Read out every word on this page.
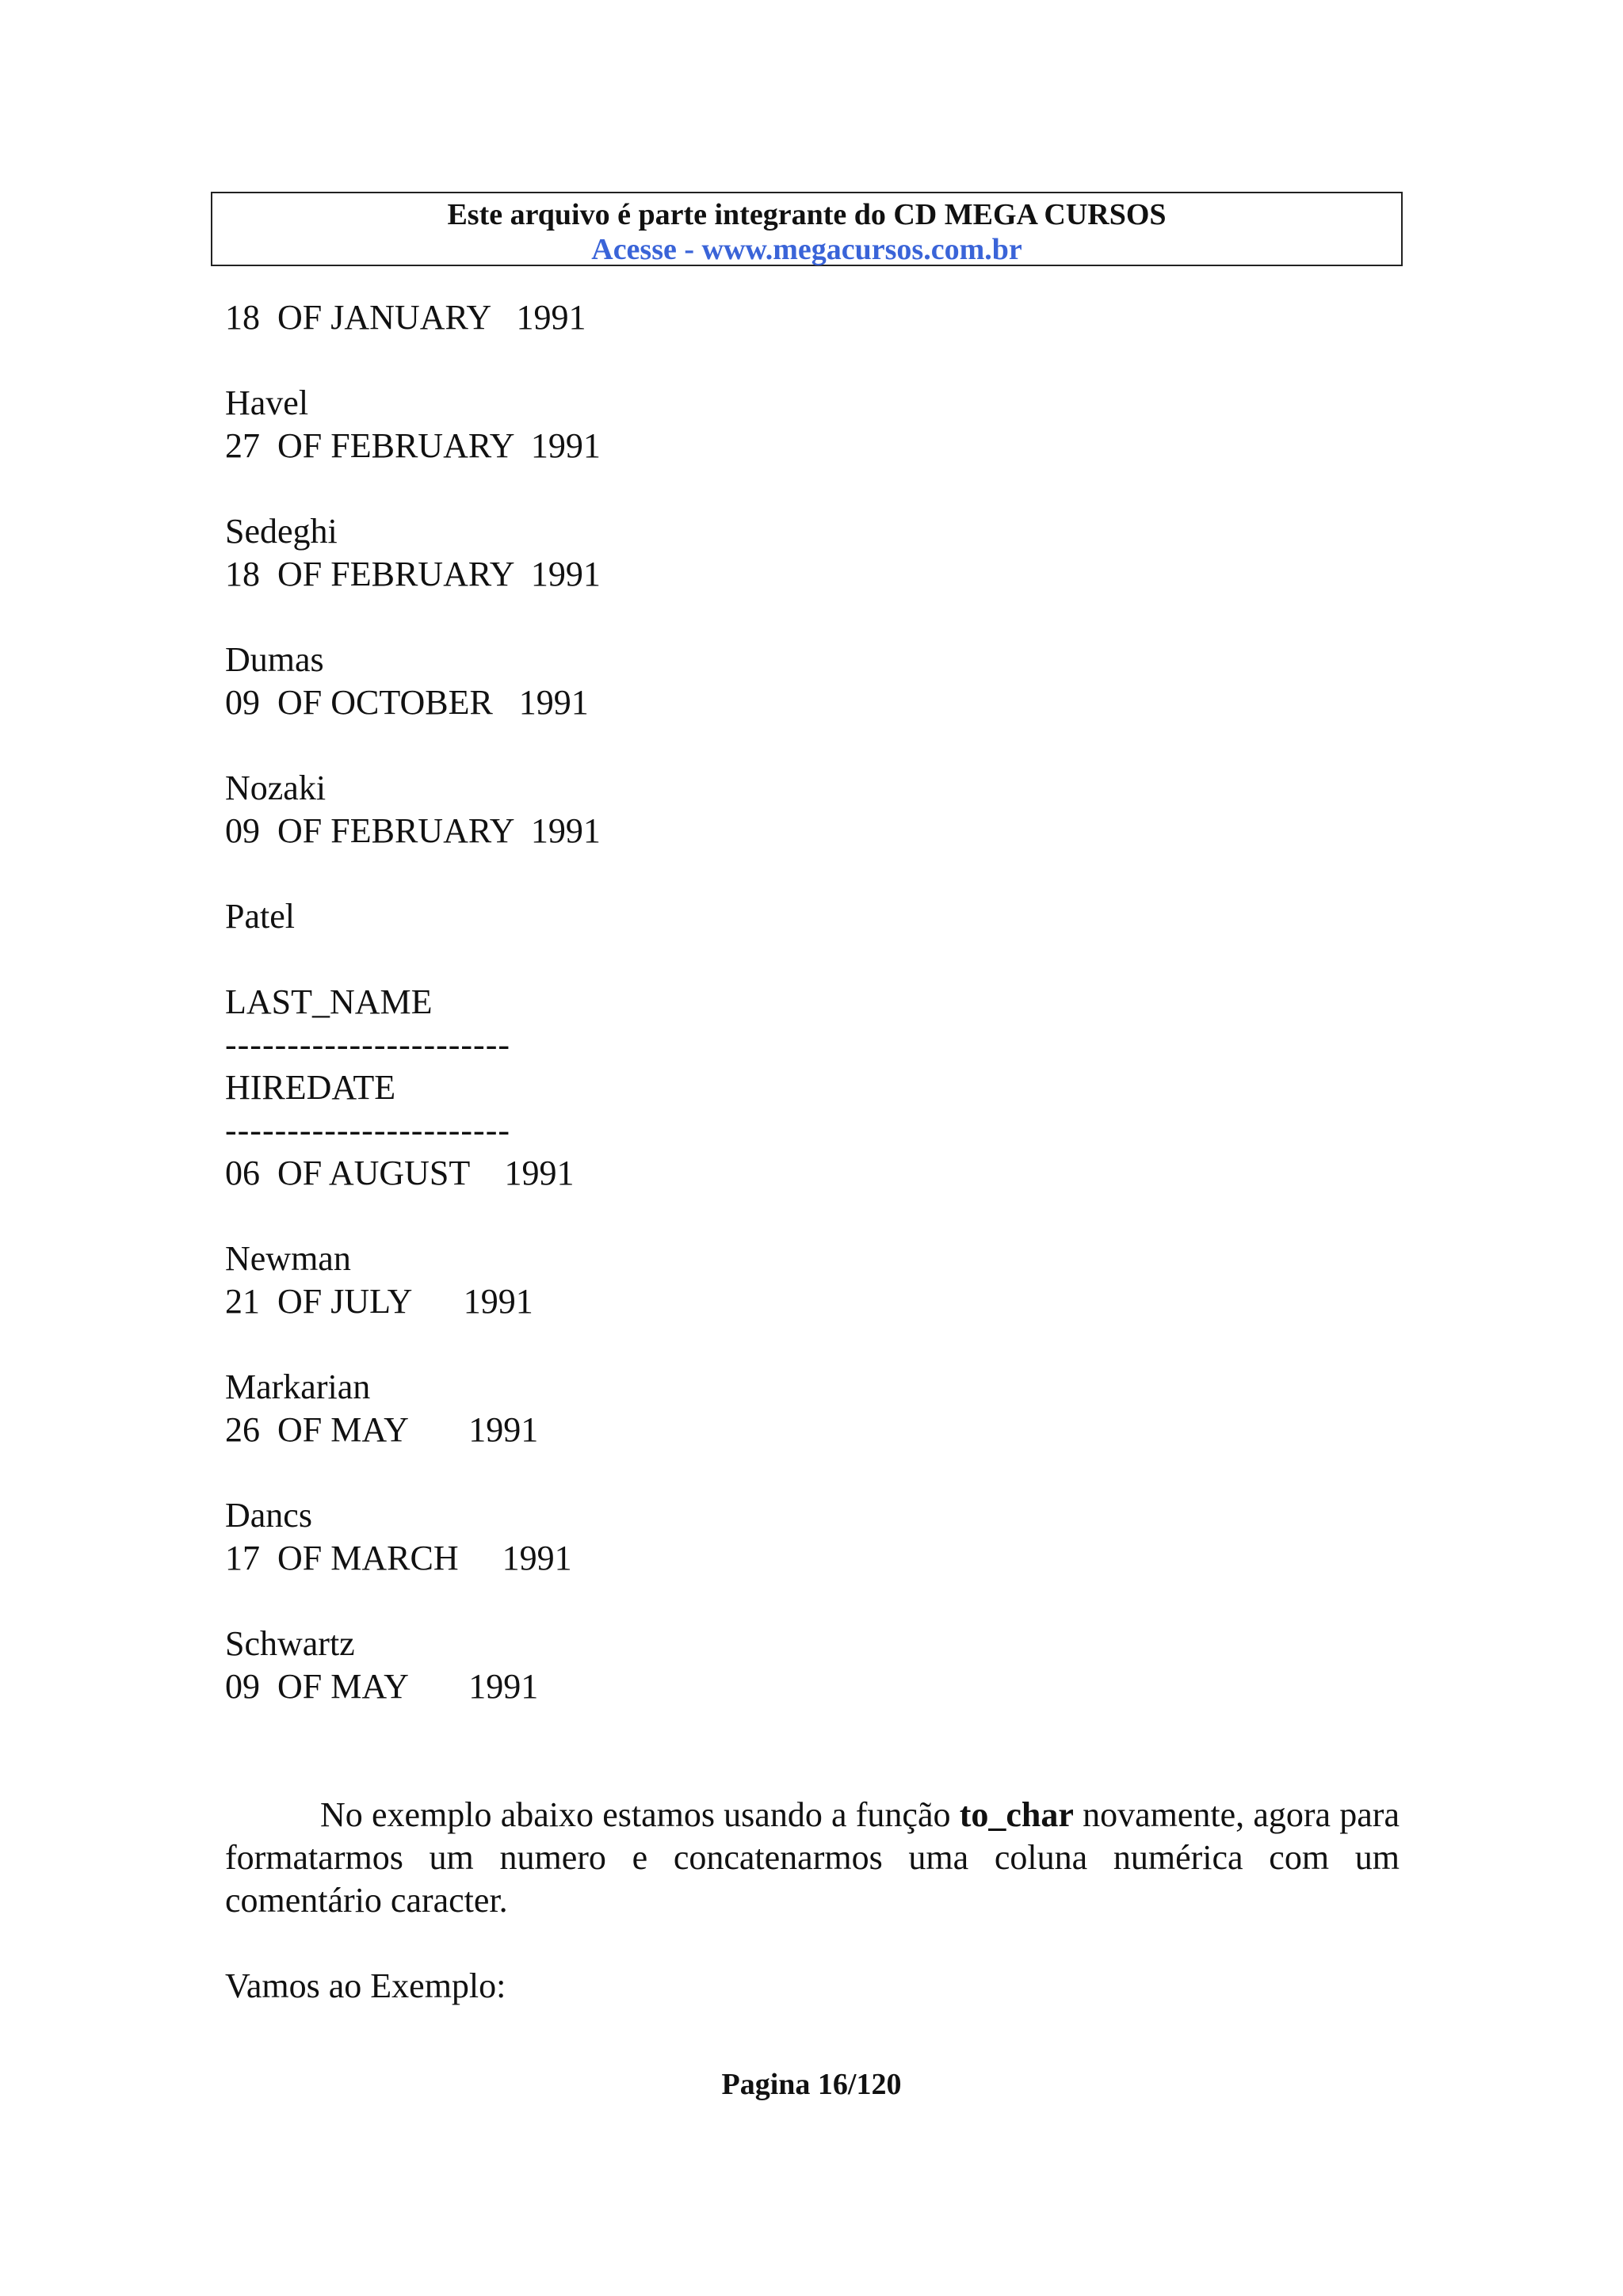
Este arquivo é parte integrante do CD MEGA CURSOS
Acesse - www.megacursos.com.br
18  OF JANUARY   1991
Havel
27  OF FEBRUARY  1991
Sedeghi
18  OF FEBRUARY  1991
Dumas
09  OF OCTOBER   1991
Nozaki
09  OF FEBRUARY  1991
Patel
LAST_NAME
-----------------------
HIREDATE
-----------------------
06  OF AUGUST    1991
Newman
21  OF JULY      1991
Markarian
26  OF MAY       1991
Dancs
17  OF MARCH     1991
Schwartz
09  OF MAY       1991
No exemplo abaixo estamos usando a função to_char novamente, agora para formatarmos um numero e concatenarmos uma coluna numérica com um comentário caracter.
Vamos ao Exemplo:
Pagina 16/120
